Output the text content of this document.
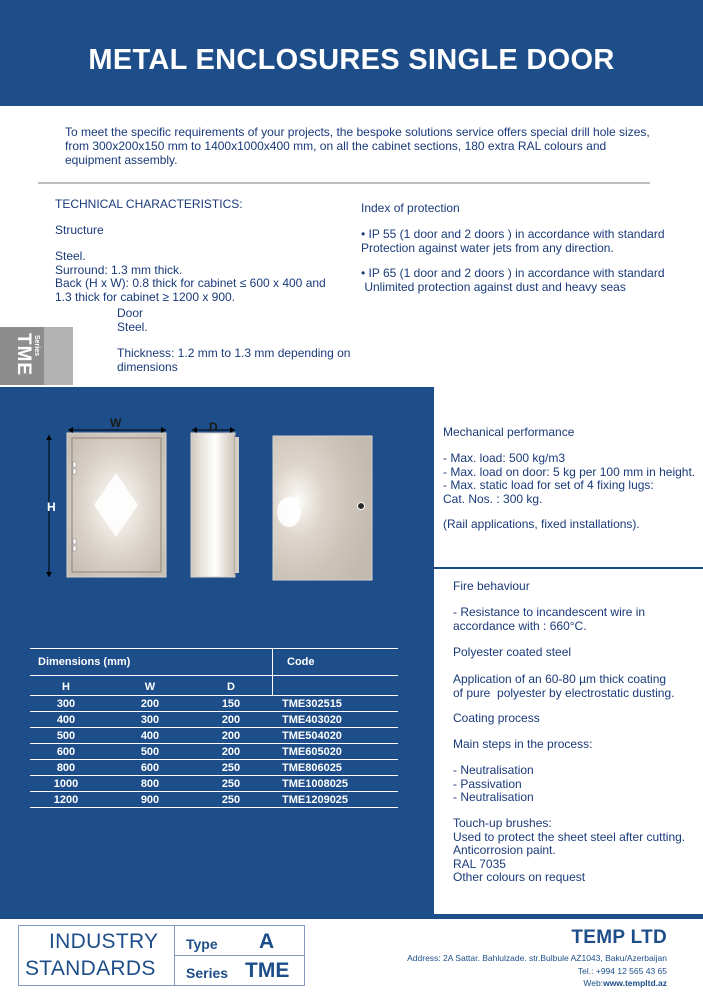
METAL ENCLOSURES SINGLE DOOR

To meet the specific requirements of your projects, the bespoke solutions service offers special drill hole sizes, from 300x200x150 mm to 1400x1000x400 mm, on all the cabinet sections, 180 extra RAL colours and equipment assembly.

TECHNICAL CHARACTERISTICS:
Structure
Steel.
Surround: 1.3 mm thick.
Back (H x W): 0.8 thick for cabinet ≤ 600 x 400 and
1.3 thick for cabinet ≥ 1200 x 900.
Door
Steel.
Thickness: 1.2 mm to 1.3 mm depending on
dimensions
Index of protection
• IP 55 (1 door and 2 doors ) in accordance with standard
Protection against water jets from any direction.
• IP 65 (1 door and 2 doors ) in accordance with standard
Unlimited protection against dust and heavy seas
TME Series
W
H
D	Mechanical performance
- Max. load: 500 kg/m3
- Max. load on door: 5 kg per 100 mm in height.
- Max. static load for set of 4 fixing lugs:
Cat. Nos. : 300 kg.
(Rail applications, fixed installations).
Fire behaviour
- Resistance to incandescent wire in
accordance with : 660°C.
Polyester coated steel
Application of an 60-80 µm thick coating
of pure  polyester by electrostatic dusting.
Coating process
Main steps in the process:
- Neutralisation
- Passivation
- Neutralisation
Touch-up brushes:
Used to protect the sheet steel after cutting.
Anticorrosion paint.
RAL 7035
Other colours on request
Dimensions (mm)	Code
H	W	D
300	200	150	TME302515
400	300	200	TME403020
500	400	200	TME504020
600	500	200	TME605020
800	600	250	TME806025
1000	800	250	TME1008025
1200	900	250	TME1209025
INDUSTRY
STANDARDS
Type A
Series TME
TEMP LTD
Address: 2A Sattar. Bahlulzade. str.Bulbule AZ1043, Baku/Azerbaijan
Tel.: +994 12 565 43 65
Web:www.templtd.az
